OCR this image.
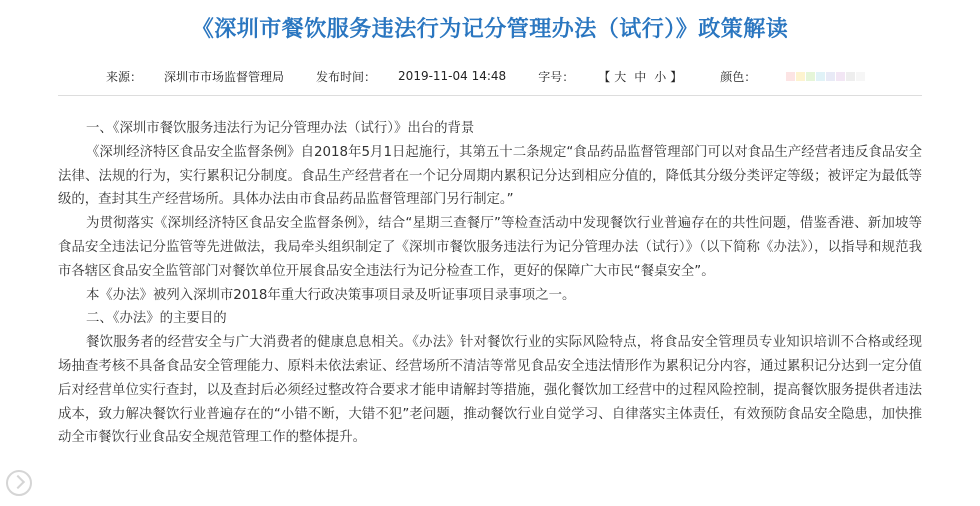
《深圳市餐饮服务违法行为记分管理办法（试行）》政策解读
来源： 深圳市市场监督管理局	发布时间： 2019-11-04 14:48	字号： 【 大 中 小 】	颜色：

一、《深圳市餐饮服务违法行为记分管理办法（试行）》出台的背景

《深圳经济特区食品安全监督条例》自2018年5月1日起施行，其第五十二条规定“食品药品监督管理部门可以对食品生产经营者违反食品安全法律、法规的行为，实行累积记分制度。食品生产经营者在一个记分周期内累积记分达到相应分值的，降低其分级分类评定等级；被评定为最低等级的，查封其生产经营场所。具体办法由市食品药品监督管理部门另行制定。”

为贯彻落实《深圳经济特区食品安全监督条例》，结合“星期三查餐厅”等检查活动中发现餐饮行业普遍存在的共性问题，借鉴香港、新加坡等食品安全违法记分监管等先进做法，我局牵头组织制定了《深圳市餐饮服务违法行为记分管理办法（试行）》（以下简称《办法》），以指导和规范我市各辖区食品安全监管部门对餐饮单位开展食品安全违法行为记分检查工作，更好的保障广大市民“餐桌安全”。

本《办法》被列入深圳市2018年重大行政决策事项目录及听证事项目录事项之一。

二、《办法》的主要目的

餐饮服务者的经营安全与广大消费者的健康息息相关。《办法》针对餐饮行业的实际风险特点，将食品安全管理员专业知识培训不合格或经现场抽查考核不具备食品安全管理能力、原料未依法索证、经营场所不清洁等常见食品安全违法情形作为累积记分内容，通过累积记分达到一定分值后对经营单位实行查封，以及查封后必须经过整改符合要求才能申请解封等措施，强化餐饮加工经营中的过程风险控制，提高餐饮服务提供者违法成本，致力解决餐饮行业普遍存在的“小错不断，大错不犯”老问题，推动餐饮行业自觉学习、自律落实主体责任，有效预防食品安全隐患，加快推动全市餐饮行业食品安全规范管理工作的整体提升。
